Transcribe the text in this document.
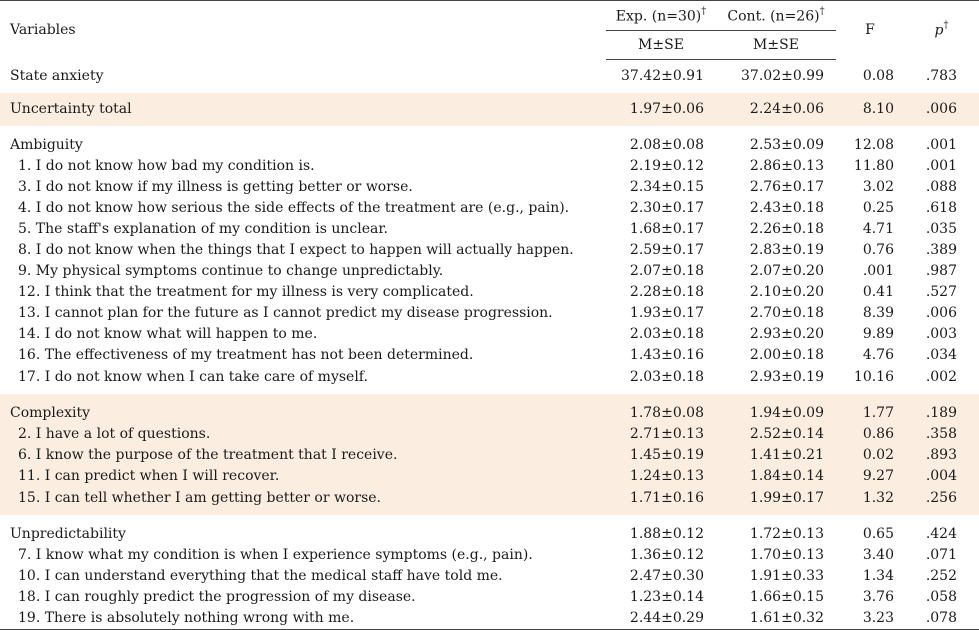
Variables	Exp. (n=30)†	Cont. (n=26)†	F	p†
	M±SE	M±SE		
State anxiety	37.42±0.91	37.02±0.99	0.08	.783
Uncertainty total	1.97±0.06	2.24±0.06	8.10	.006
Ambiguity	2.08±0.08	2.53±0.09	12.08	.001
1. I do not know how bad my condition is.	2.19±0.12	2.86±0.13	11.80	.001
3. I do not know if my illness is getting better or worse.	2.34±0.15	2.76±0.17	3.02	.088
4. I do not know how serious the side effects of the treatment are (e.g., pain).	2.30±0.17	2.43±0.18	0.25	.618
5. The staff's explanation of my condition is unclear.	1.68±0.17	2.26±0.18	4.71	.035
8. I do not know when the things that I expect to happen will actually happen.	2.59±0.17	2.83±0.19	0.76	.389
9. My physical symptoms continue to change unpredictably.	2.07±0.18	2.07±0.20	.001	.987
12. I think that the treatment for my illness is very complicated.	2.28±0.18	2.10±0.20	0.41	.527
13. I cannot plan for the future as I cannot predict my disease progression.	1.93±0.17	2.70±0.18	8.39	.006
14. I do not know what will happen to me.	2.03±0.18	2.93±0.20	9.89	.003
16. The effectiveness of my treatment has not been determined.	1.43±0.16	2.00±0.18	4.76	.034
17. I do not know when I can take care of myself.	2.03±0.18	2.93±0.19	10.16	.002

Complexity	1.78±0.08	1.94±0.09	1.77	.189
2. I have a lot of questions.	2.71±0.13	2.52±0.14	0.86	.358
6. I know the purpose of the treatment that I receive.	1.45±0.19	1.41±0.21	0.02	.893
11. I can predict when I will recover.	1.24±0.13	1.84±0.14	9.27	.004
15. I can tell whether I am getting better or worse.	1.71±0.16	1.99±0.17	1.32	.256

Unpredictability	1.88±0.12	1.72±0.13	0.65	.424
7. I know what my condition is when I experience symptoms (e.g., pain).	1.36±0.12	1.70±0.13	3.40	.071
10. I can understand everything that the medical staff have told me.	2.47±0.30	1.91±0.33	1.34	.252
18. I can roughly predict the progression of my disease.	1.23±0.14	1.66±0.15	3.76	.058
19. There is absolutely nothing wrong with me.	2.44±0.29	1.61±0.32	3.23	.078
